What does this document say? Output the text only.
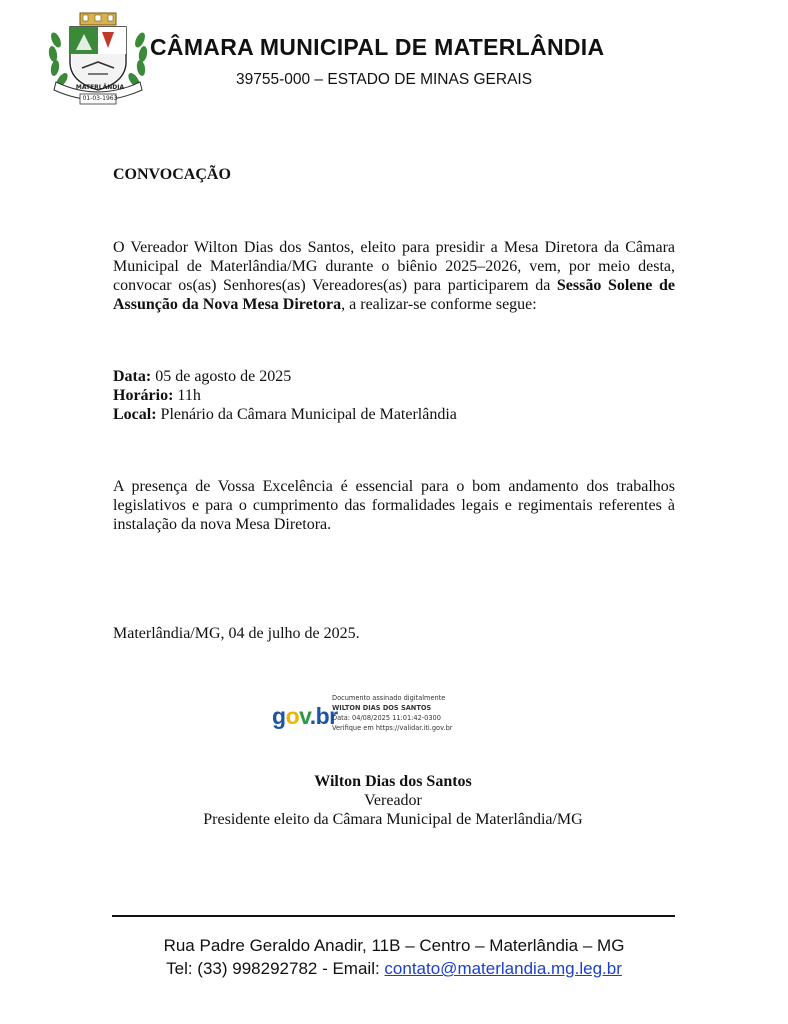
MATERLÂNDIA
01-03-1963
CÂMARA MUNICIPAL DE MATERLÂNDIA
39755-000 – ESTADO DE MINAS GERAIS
CONVOCAÇÃO
O Vereador Wilton Dias dos Santos, eleito para presidir a Mesa Diretora da Câmara Municipal de Materlândia/MG durante o biênio 2025–2026, vem, por meio desta, convocar os(as) Senhores(as) Vereadores(as) para participarem da Sessão Solene de Assunção da Nova Mesa Diretora, a realizar-se conforme segue:
Data: 05 de agosto de 2025
Horário: 11h
Local: Plenário da Câmara Municipal de Materlândia
A presença de Vossa Excelência é essencial para o bom andamento dos trabalhos legislativos e para o cumprimento das formalidades legais e regimentais referentes à instalação da nova Mesa Diretora.
Materlândia/MG, 04 de julho de 2025.
gov.br
Documento assinado digitalmente
WILTON DIAS DOS SANTOS
Data: 04/08/2025 11:01:42-0300
Verifique em https://validar.iti.gov.br
Wilton Dias dos Santos
Vereador
Presidente eleito da Câmara Municipal de Materlândia/MG
Rua Padre Geraldo Anadir, 11B – Centro – Materlândia – MG
Tel: (33) 998292782 - Email: contato@materlandia.mg.leg.br
